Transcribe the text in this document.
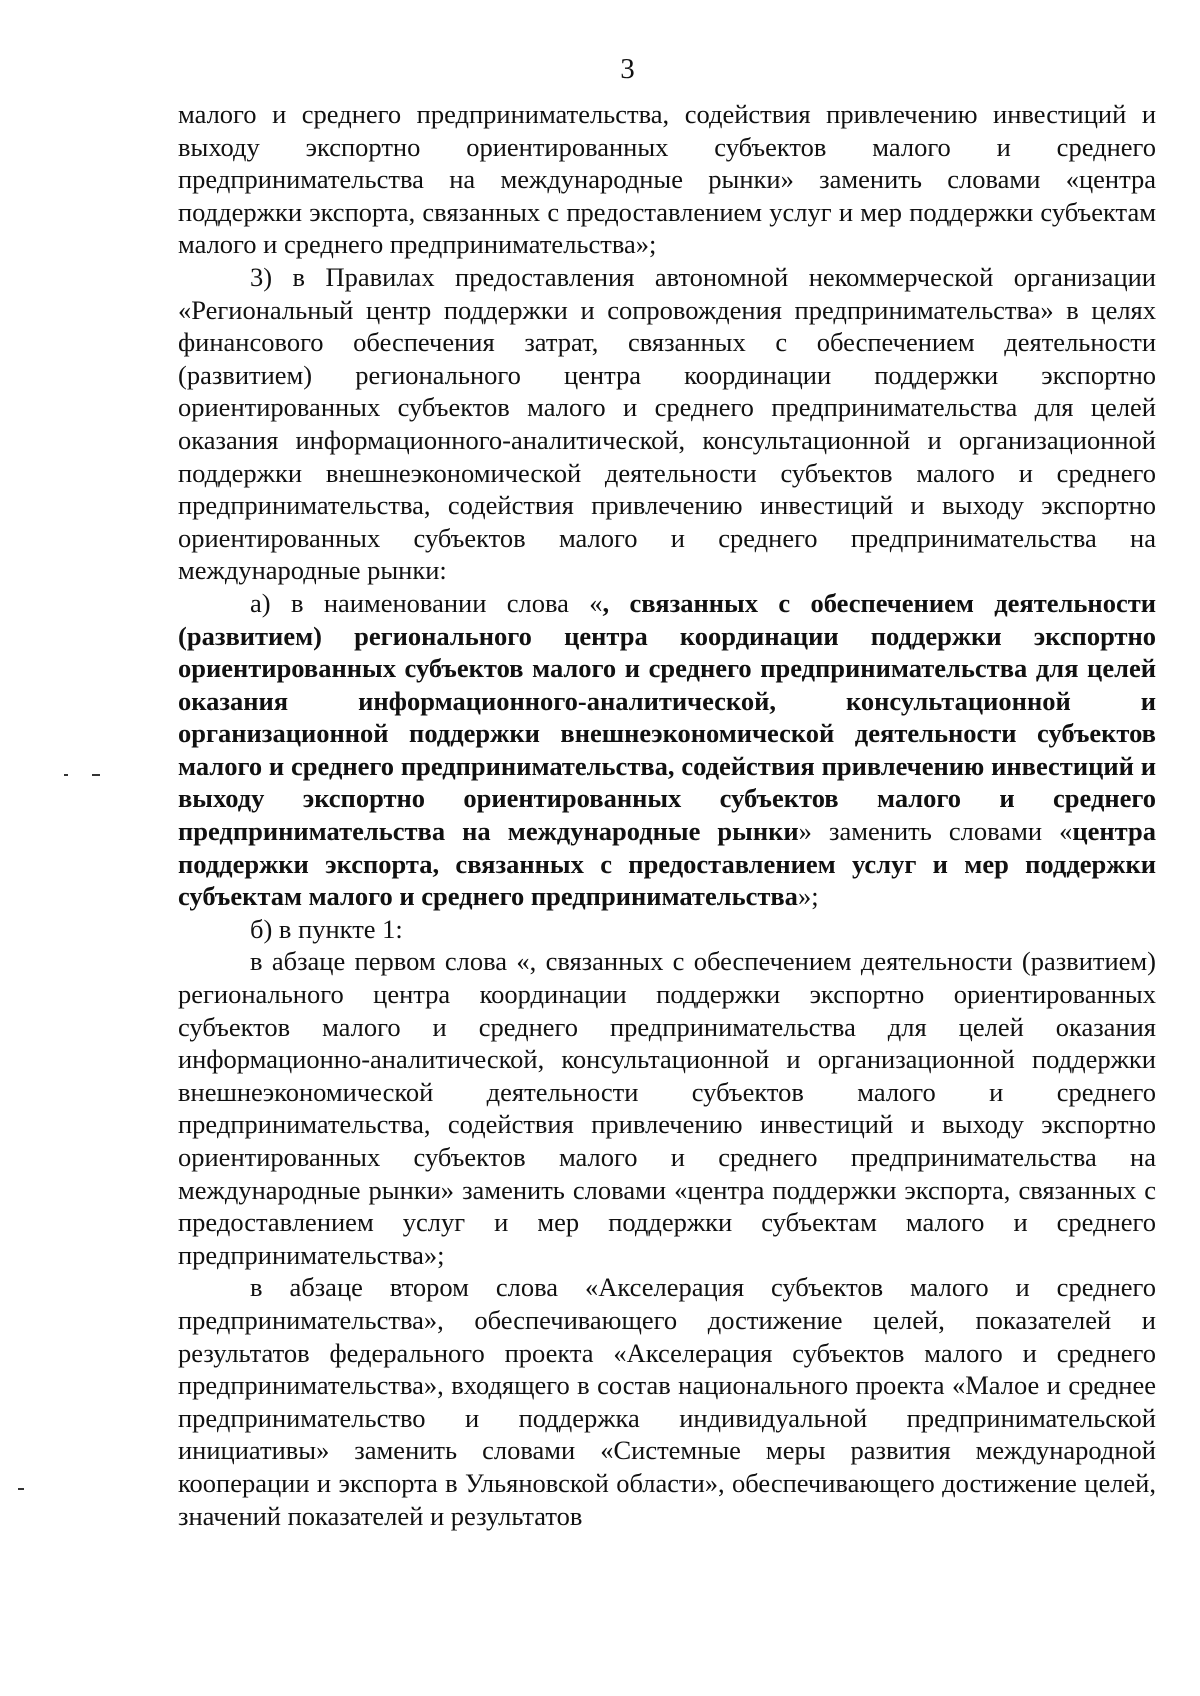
3

малого и среднего предпринимательства, содействия привлечению инвестиций и выходу экспортно ориентированных субъектов малого и среднего предпринимательства на международные рынки» заменить словами «центра поддержки экспорта, связанных с предоставлением услуг и мер поддержки субъектам малого и среднего предпринимательства»;

3) в Правилах предоставления автономной некоммерческой организации «Региональный центр поддержки и сопровождения предпринимательства» в целях финансового обеспечения затрат, связанных с обеспечением деятельности (развитием) регионального центра координации поддержки экспортно ориентированных субъектов малого и среднего предпринимательства для целей оказания информационного-аналитической, консультационной и организационной поддержки внешнеэкономической деятельности субъектов малого и среднего предпринимательства, содействия привлечению инвестиций и выходу экспортно ориентированных субъектов малого и среднего предпринимательства на международные рынки:

а) в наименовании слова «, связанных с обеспечением деятельности (развитием) регионального центра координации поддержки экспортно ориентированных субъектов малого и среднего предпринимательства для целей оказания информационного-аналитической, консультационной и организационной поддержки внешнеэкономической деятельности субъектов малого и среднего предпринимательства, содействия привлечению инвестиций и выходу экспортно ориентированных субъектов малого и среднего предпринимательства на международные рынки» заменить словами «центра поддержки экспорта, связанных с предоставлением услуг и мер поддержки субъектам малого и среднего предпринимательства»;

б) в пункте 1:

в абзаце первом слова «, связанных с обеспечением деятельности (развитием) регионального центра координации поддержки экспортно ориентированных субъектов малого и среднего предпринимательства для целей оказания информационно-аналитической, консультационной и организационной поддержки внешнеэкономической деятельности субъектов малого и среднего предпринимательства, содействия привлечению инвестиций и выходу экспортно ориентированных субъектов малого и среднего предпринимательства на международные рынки» заменить словами «центра поддержки экспорта, связанных с предоставлением услуг и мер поддержки субъектам малого и среднего предпринимательства»;

в абзаце втором слова «Акселерация субъектов малого и среднего предпринимательства», обеспечивающего достижение целей, показателей и результатов федерального проекта «Акселерация субъектов малого и среднего предпринимательства», входящего в состав национального проекта «Малое и среднее предпринимательство и поддержка индивидуальной предпринимательской инициативы» заменить словами «Системные меры развития международной кооперации и экспорта в Ульяновской области», обеспечивающего достижение целей, значений показателей и результатов
